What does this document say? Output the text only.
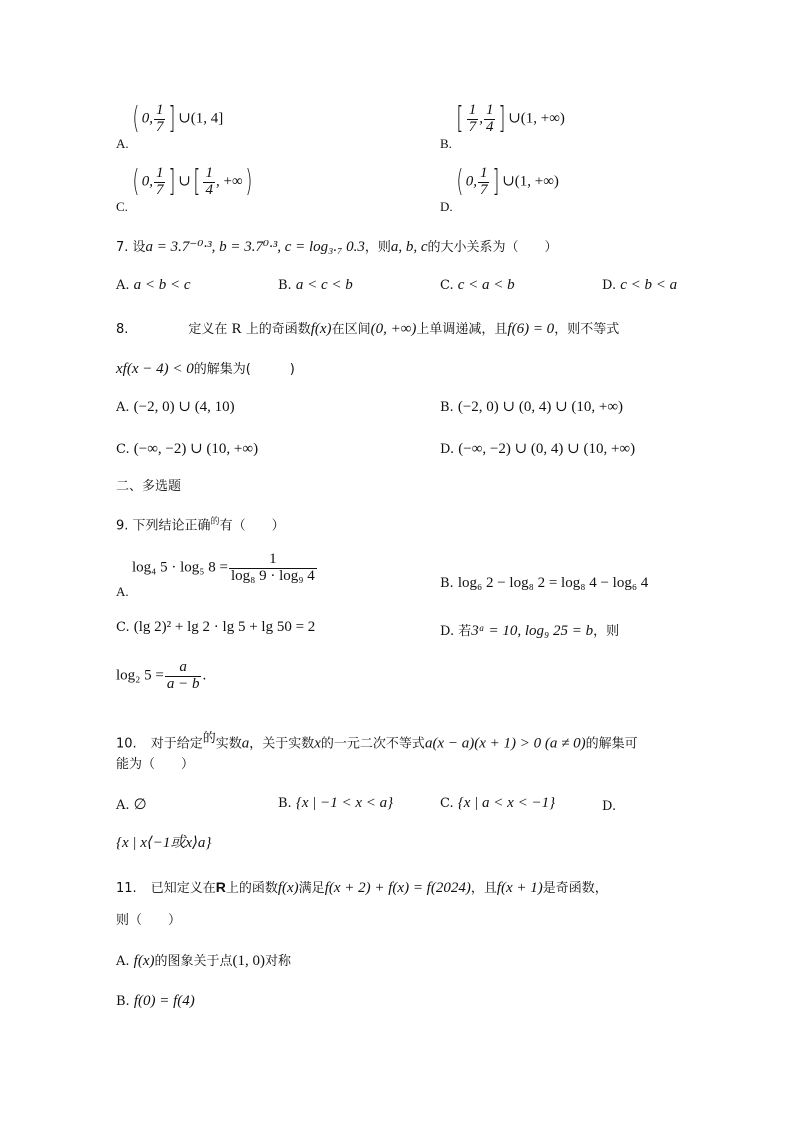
A.
( 0, $\frac{1}{7}$ ] ∪(1, 4]
B.
[ $\frac{1}{7}$ , $\frac{1}{4}$ ] ∪(1, +∞)
C.
( 0, $\frac{1}{7}$ ] ∪[ $\frac{1}{4}$ , +∞)
D.
( 0, $\frac{1}{7}$ ] ∪(1, +∞)
7. 设a = 3.7⁻⁰·³, b = 3.7⁰·³, c = log₃.₇ 0.3，则a, b, c的大小关系为（　　）
A. a < b < c	B. a < c < b	C. c < a < b	D. c < b < a
8.	定义在 R 上的奇函数f(x)在区间(0, +∞)上单调递减，且f(6) = 0，则不等式
xf(x − 4) < 0的解集为(　　　)
A. (−2, 0) ∪ (4, 10)	B. (−2, 0) ∪ (0, 4) ∪ (10, +∞)
C. (−∞, −2) ∪ (10, +∞)	D. (−∞, −2) ∪ (0, 4) ∪ (10, +∞)
二、多选题
9. 下列结论正确$^的$有（　　）
A.
log₄ 5 · log₅ $8 = \frac{1}{\text{log₈ 9 · log₉ 4}}$	B. log₆ 2 − log₈ 2 = log₈ 4 − log₆ 4
C. (lg 2)² + lg 2 · lg 5 + lg 50 = 2	D. 若3ᵃ = 10, log₉ 25 = b，则
log₂ $5 = \frac{a}{a - b}$ .
10. 对于给定$^的$实数a，关于实数x的一元二次不等式a(x − a)(x + 1) > 0 (a ≠ 0)的解集可
能为（　　）
A. ∅	B. {x | −1 < x < a}	C. {x | a < x < −1}	D.
{x | x⟨−1或x⟩a}
11. 已知定义在R上的函数f(x)满足f(x + 2) + f(x) = f(2024)，且f(x + 1)是奇函数，
则（　　）
A. f(x)的图象关于点(1, 0)对称
B. f(0) = f(4)
